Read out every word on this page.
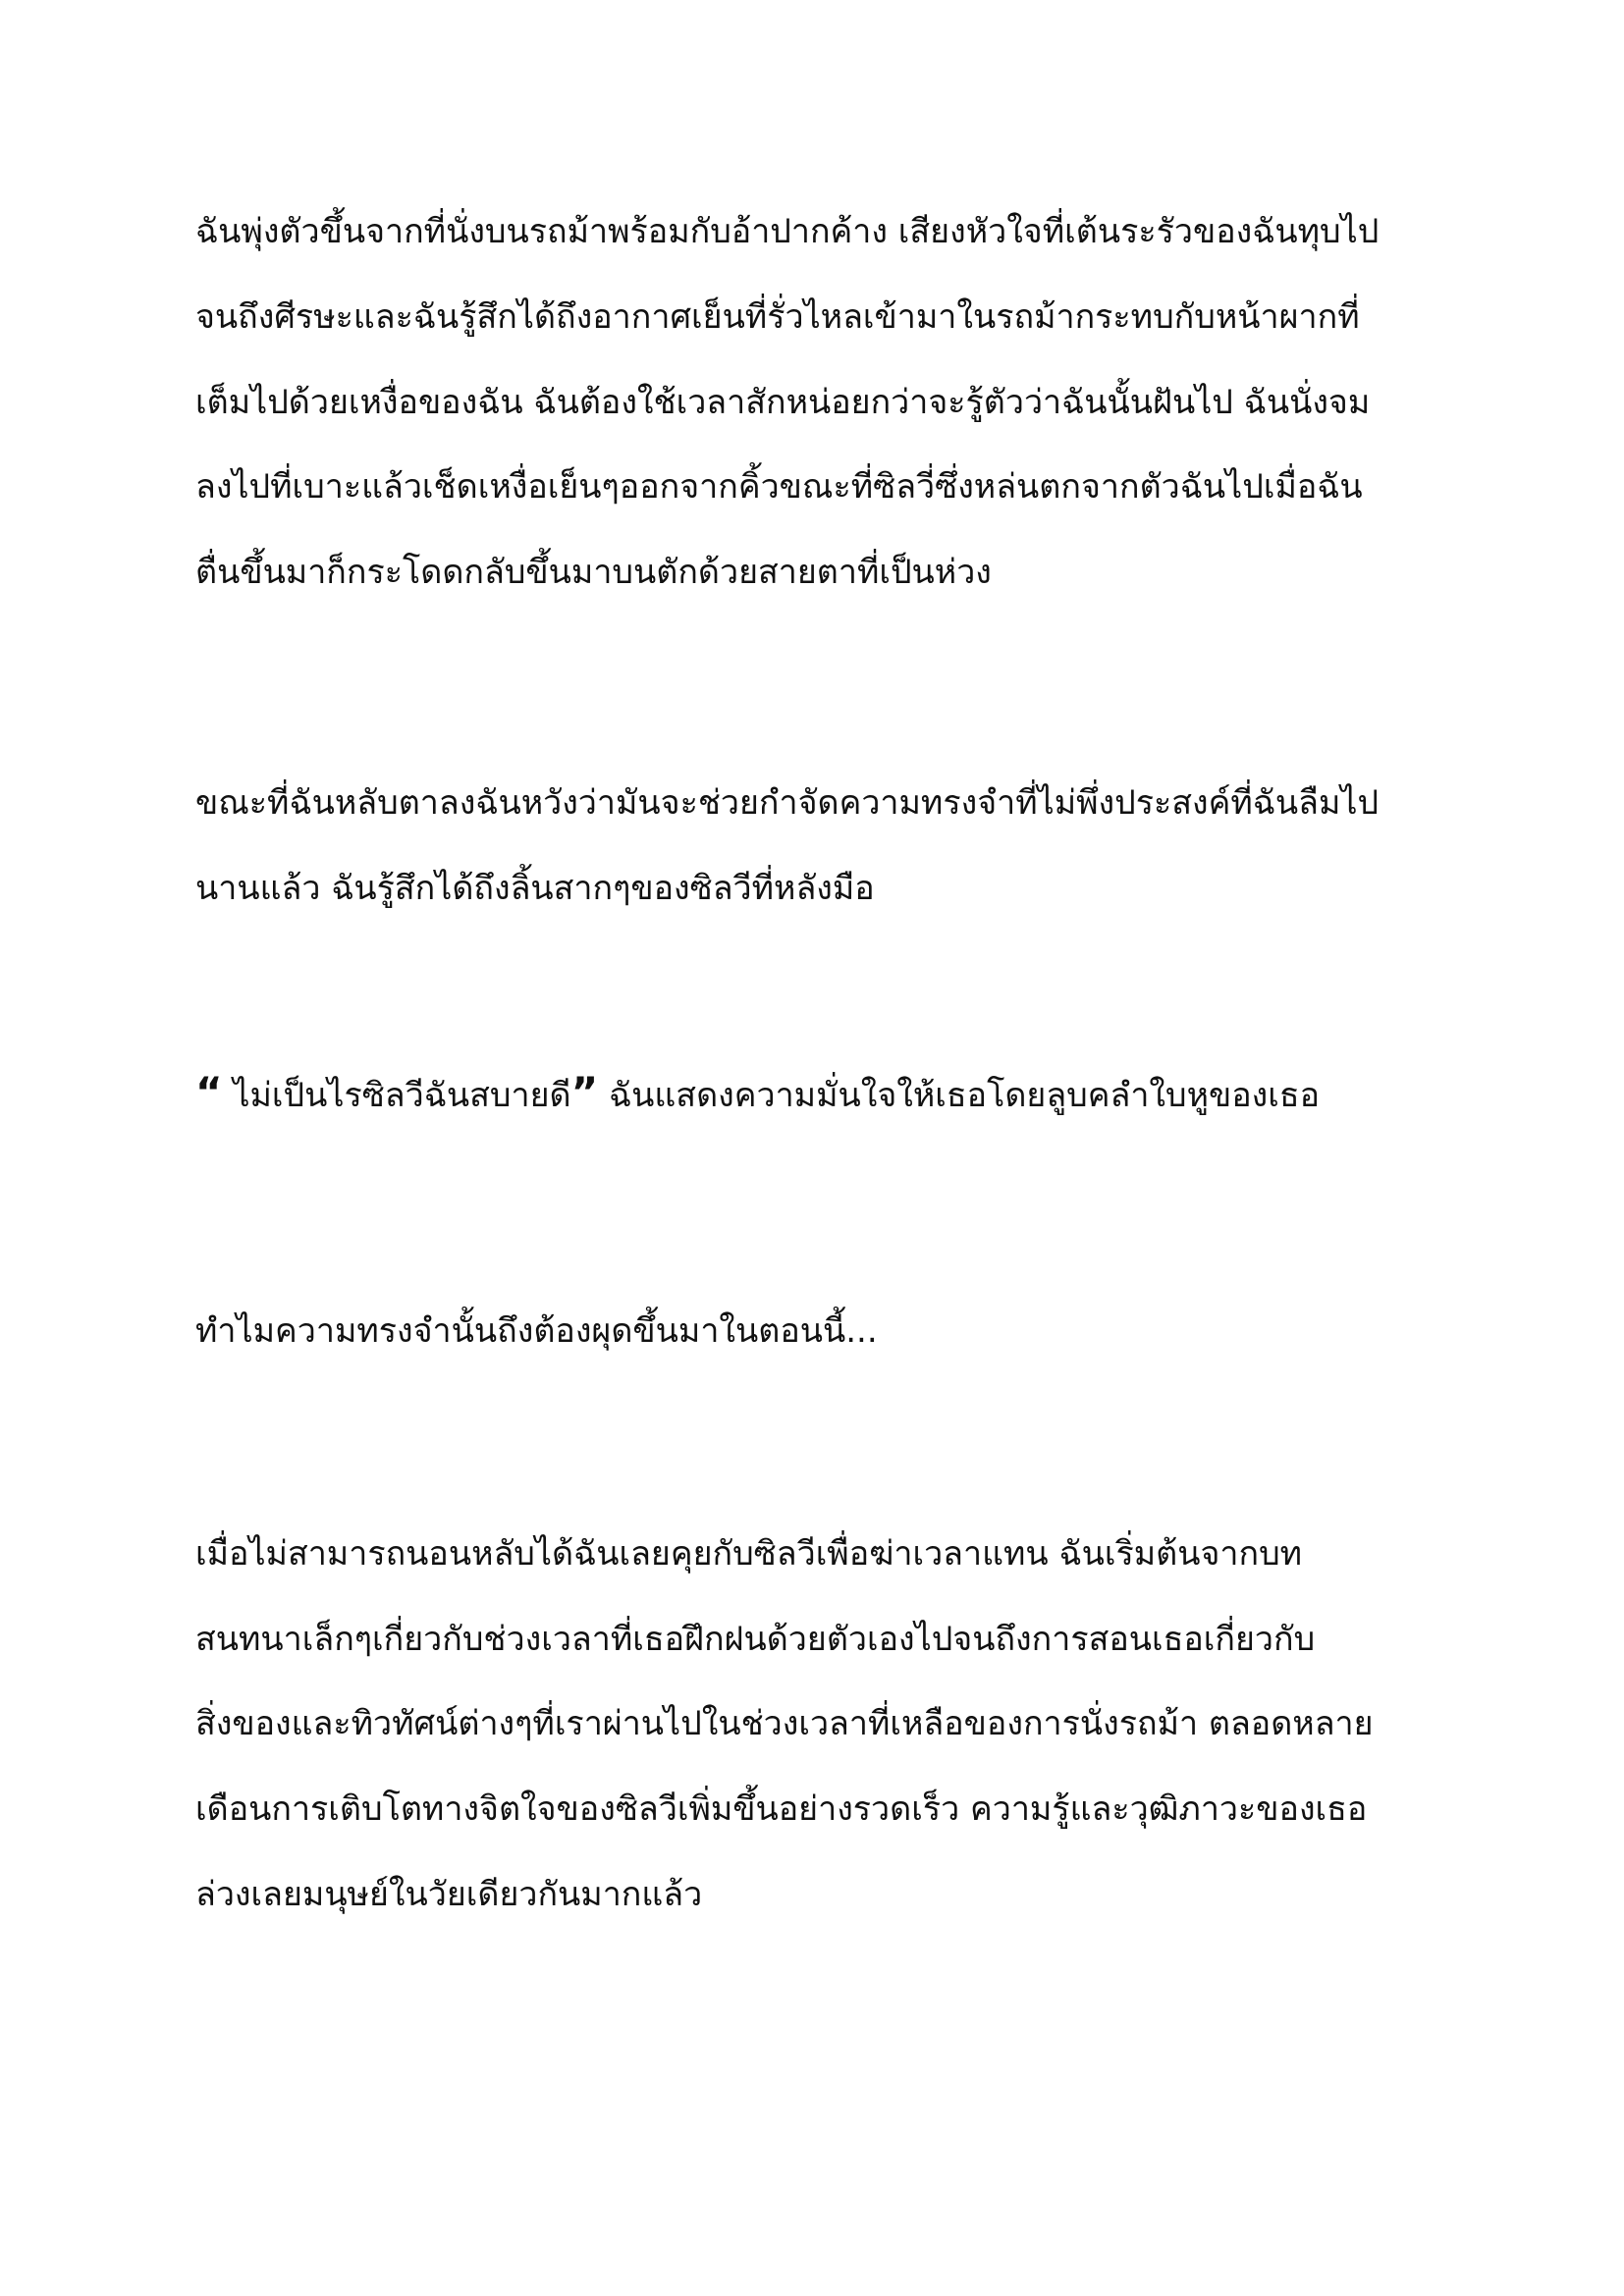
ฉันพุ่งตัวขึ้นจากที่นั่งบนรถม้าพร้อมกับอ้าปากค้าง เสียงหัวใจที่เต้นระรัวของฉันทุบไป
จนถึงศีรษะและฉันรู้สึกได้ถึงอากาศเย็นที่รั่วไหลเข้ามาในรถม้ากระทบกับหน้าผากที่
เต็มไปด้วยเหงื่อของฉัน ฉันต้องใช้เวลาสักหน่อยกว่าจะรู้ตัวว่าฉันนั้นฝันไป ฉันนั่งจม
ลงไปที่เบาะแล้วเช็ดเหงื่อเย็นๆออกจากคิ้วขณะที่ซิลวี่ซึ่งหล่นตกจากตัวฉันไปเมื่อฉัน
ตื่นขึ้นมาก็กระโดดกลับขึ้นมาบนตักด้วยสายตาที่เป็นห่วง
ขณะที่ฉันหลับตาลงฉันหวังว่ามันจะช่วยกำจัดความทรงจำที่ไม่พึ่งประสงค์ที่ฉันลืมไป
นานแล้ว ฉันรู้สึกได้ถึงลิ้นสากๆของซิลวีที่หลังมือ
“ ไม่เป็นไรซิลวีฉันสบายดี” ฉันแสดงความมั่นใจให้เธอโดยลูบคลำใบหูของเธอ
ทำไมความทรงจำนั้นถึงต้องผุดขึ้นมาในตอนนี้...
เมื่อไม่สามารถนอนหลับได้ฉันเลยคุยกับซิลวีเพื่อฆ่าเวลาแทน ฉันเริ่มต้นจากบท
สนทนาเล็กๆเกี่ยวกับช่วงเวลาที่เธอฝึกฝนด้วยตัวเองไปจนถึงการสอนเธอเกี่ยวกับ
สิ่งของและทิวทัศน์ต่างๆที่เราผ่านไปในช่วงเวลาที่เหลือของการนั่งรถม้า ตลอดหลาย
เดือนการเติบโตทางจิตใจของซิลวีเพิ่มขึ้นอย่างรวดเร็ว ความรู้และวุฒิภาวะของเธอ
ล่วงเลยมนุษย์ในวัยเดียวกันมากแล้ว
